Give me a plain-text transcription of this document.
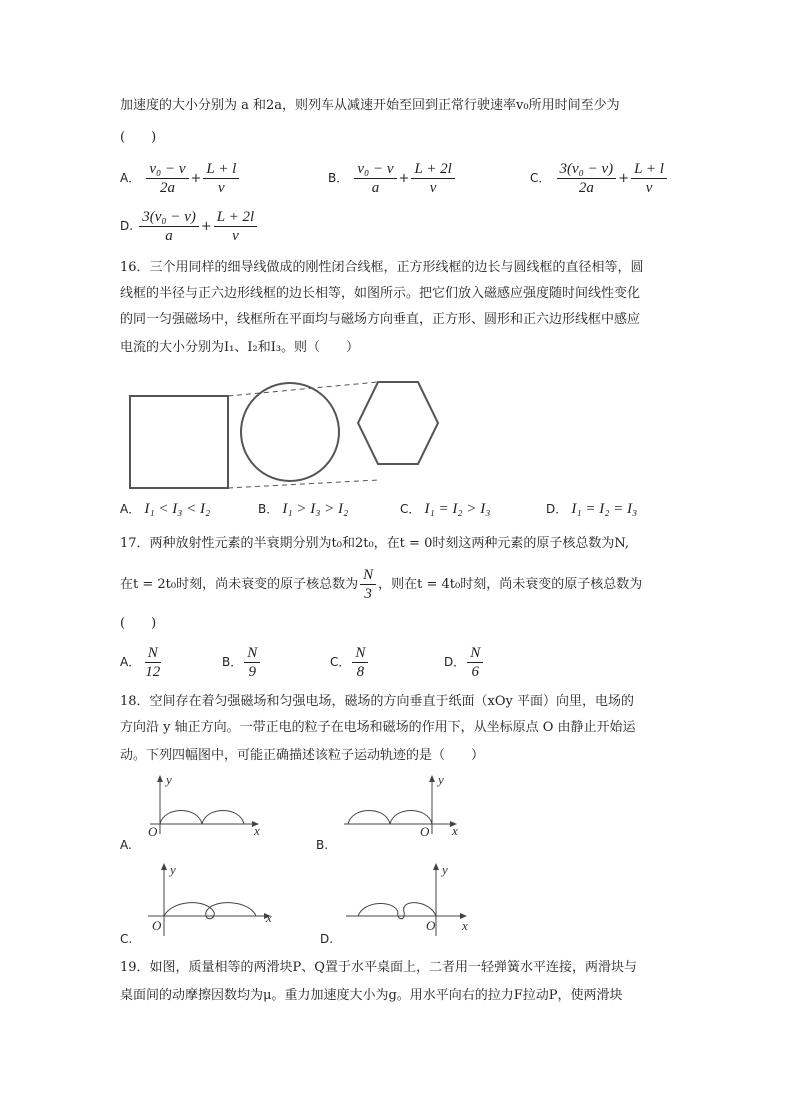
加速度的大小分别为 a 和2a，则列车从减速开始至回到正常行驶速率v₀所用时间至少为
(　　)
A． $\frac{\text{v₀ − v}}{2a} + \frac{L + l}{v}$	B． $\frac{\text{v₀ − v}}{a} + \frac{L + 2l}{v}$	C． $\frac{\text{3(v₀ − v)}}{2a} + \frac{L + l}{v}$
D. $\frac{\text{3(v₀ − v)}}{a} + \frac{L + 2l}{v}$
16．三个用同样的细导线做成的刚性闭合线框，正方形线框的边长与圆线框的直径相等，圆
线框的半径与正六边形线框的边长相等，如图所示。把它们放入磁感应强度随时间线性变化
的同一匀强磁场中，线框所在平面均与磁场方向垂直，正方形、圆形和正六边形线框中感应
电流的大小分别为I₁、I₂和I₃。则（　　）
A． I₁ < I₃ < I₂	B． I₁ > I₃ > I₂	C． I₁ = I₂ > I₃	D． I₁ = I₂ = I₃
17．两种放射性元素的半衰期分别为t₀和2t₀，在t = 0时刻这两种元素的原子核总数为N,
在t = 2t₀时刻，尚未衰变的原子核总数为 $\frac{N}{3}$ ，则在t = 4t₀时刻，尚未衰变的原子核总数为
(　　)
A． $\frac{N}{12}$	B． $\frac{N}{9}$	C． $\frac{N}{8}$	D． $\frac{N}{6}$
18．空间存在着匀强磁场和匀强电场，磁场的方向垂直于纸面（xOy 平面）向里，电场的
方向沿 y 轴正方向。一带正电的粒子在电场和磁场的作用下，从坐标原点 O 由静止开始运
动。下列四幅图中，可能正确描述该粒子运动轨迹的是（　　）
y
O	x
A.
y
O x
B.
y
O
x
C.
y
O x
D.
19．如图，质量相等的两滑块P、Q置于水平桌面上，二者用一轻弹簧水平连接，两滑块与
桌面间的动摩擦因数均为μ。重力加速度大小为g。用水平向右的拉力F拉动P，使两滑块
